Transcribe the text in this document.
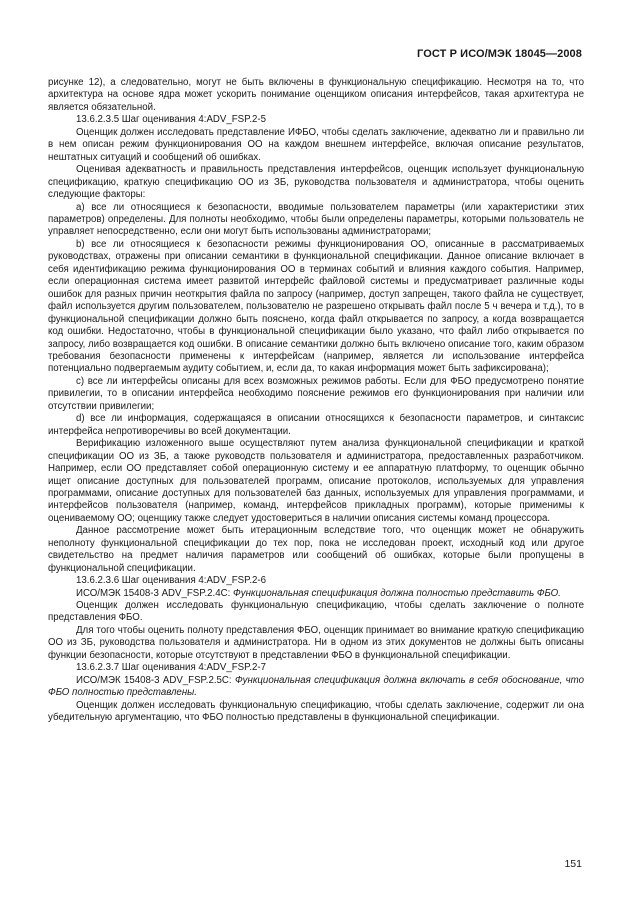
ГОСТ Р ИСО/МЭК 18045—2008

рисунке 12), а следовательно, могут не быть включены в функциональную спецификацию. Несмотря на то, что архитектура на основе ядра может ускорить понимание оценщиком описания интерфейсов, такая архитектура не является обязательной.

13.6.2.3.5 Шаг оценивания 4:ADV_FSP.2-5

Оценщик должен исследовать представление ИФБО, чтобы сделать заключение, адекватно ли и правильно ли в нем описан режим функционирования ОО на каждом внешнем интерфейсе, включая описание результатов, нештатных ситуаций и сообщений об ошибках.

Оценивая адекватность и правильность представления интерфейсов, оценщик использует функциональную спецификацию, краткую спецификацию ОО из ЗБ, руководства пользователя и администратора, чтобы оценить следующие факторы:

a) все ли относящиеся к безопасности, вводимые пользователем параметры (или характеристики этих параметров) определены. Для полноты необходимо, чтобы были определены параметры, которыми пользователь не управляет непосредственно, если они могут быть использованы администраторами;

b) все ли относящиеся к безопасности режимы функционирования ОО, описанные в рассматриваемых руководствах, отражены при описании семантики в функциональной спецификации. Данное описание включает в себя идентификацию режима функционирования ОО в терминах событий и влияния каждого события. Например, если операционная система имеет развитой интерфейс файловой системы и предусматривает различные коды ошибок для разных причин неоткрытия файла по запросу (например, доступ запрещен, такого файла не существует, файл используется другим пользователем, пользователю не разрешено открывать файл после 5 ч вечера и т.д.), то в функциональной спецификации должно быть пояснено, когда файл открывается по запросу, а когда возвращается код ошибки. Недостаточно, чтобы в функциональной спецификации было указано, что файл либо открывается по запросу, либо возвращается код ошибки. В описание семантики должно быть включено описание того, каким образом требования безопасности применены к интерфейсам (например, является ли использование интерфейса потенциально подвергаемым аудиту событием, и, если да, то какая информация может быть зафиксирована);

c) все ли интерфейсы описаны для всех возможных режимов работы. Если для ФБО предусмотрено понятие привилегии, то в описании интерфейса необходимо пояснение режимов его функционирования при наличии или отсутствии привилегии;

d) все ли информация, содержащаяся в описании относящихся к безопасности параметров, и синтаксис интерфейса непротиворечивы во всей документации.

Верификацию изложенного выше осуществляют путем анализа функциональной спецификации и краткой спецификации ОО из ЗБ, а также руководств пользователя и администратора, предоставленных разработчиком. Например, если ОО представляет собой операционную систему и ее аппаратную платформу, то оценщик обычно ищет описание доступных для пользователей программ, описание протоколов, используемых для управления программами, описание доступных для пользователей баз данных, используемых для управления программами, и интерфейсов пользователя (например, команд, интерфейсов прикладных программ), которые применимы к оцениваемому ОО; оценщику также следует удостовериться в наличии описания системы команд процессора.

Данное рассмотрение может быть итерационным вследствие того, что оценщик может не обнаружить неполноту функциональной спецификации до тех пор, пока не исследован проект, исходный код или другое свидетельство на предмет наличия параметров или сообщений об ошибках, которые были пропущены в функциональной спецификации.

13.6.2.3.6 Шаг оценивания 4:ADV_FSP.2-6

ИСО/МЭК 15408-3 ADV_FSP.2.4C: Функциональная спецификация должна полностью представить ФБО.

Оценщик должен исследовать функциональную спецификацию, чтобы сделать заключение о полноте представления ФБО.

Для того чтобы оценить полноту представления ФБО, оценщик принимает во внимание краткую спецификацию ОО из ЗБ, руководства пользователя и администратора. Ни в одном из этих документов не должны быть описаны функции безопасности, которые отсутствуют в представлении ФБО в функциональной спецификации.

13.6.2.3.7 Шаг оценивания 4:ADV_FSP.2-7

ИСО/МЭК 15408-3 ADV_FSP.2.5C: Функциональная спецификация должна включать в себя обоснование, что ФБО полностью представлены.

Оценщик должен исследовать функциональную спецификацию, чтобы сделать заключение, содержит ли она убедительную аргументацию, что ФБО полностью представлены в функциональной спецификации.

151
